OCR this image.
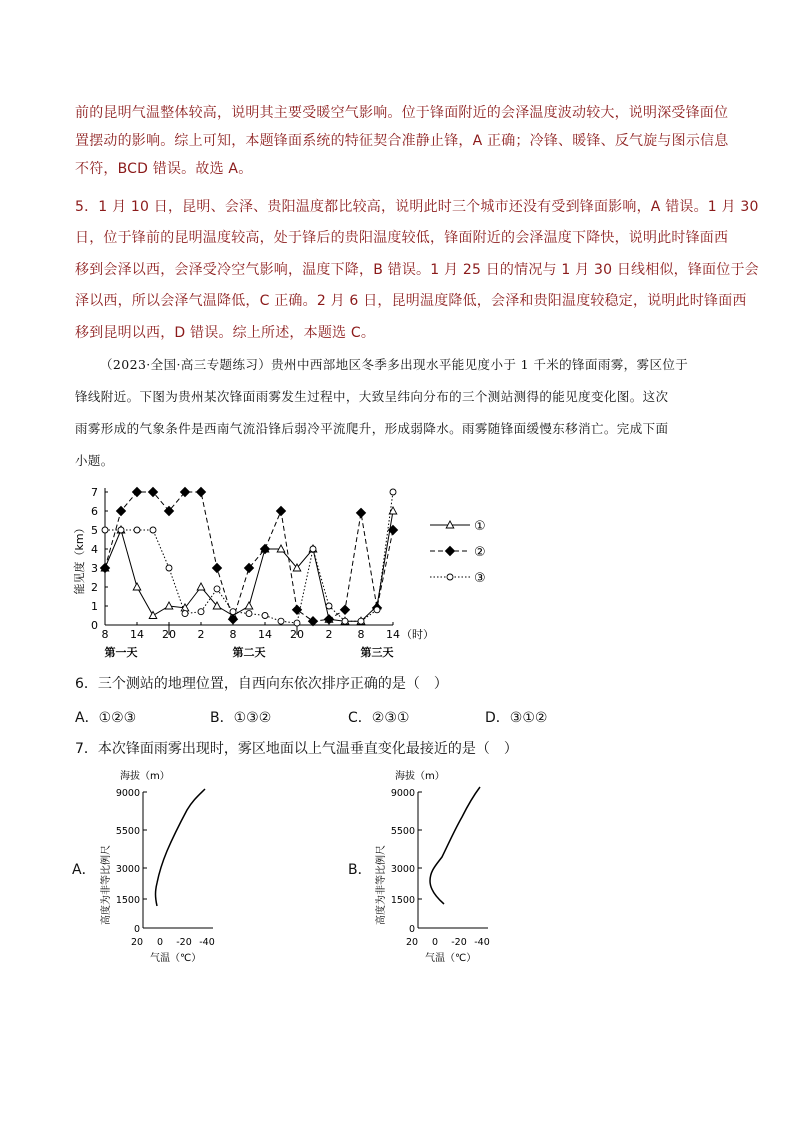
前的昆明气温整体较高，说明其主要受暖空气影响。位于锋面附近的会泽温度波动较大，说明深受锋面位
置摆动的影响。综上可知，本题锋面系统的特征契合准静止锋，A 正确；冷锋、暖锋、反气旋与图示信息
不符，BCD 错误。故选 A。
5．1 月 10 日，昆明、会泽、贵阳温度都比较高，说明此时三个城市还没有受到锋面影响，A 错误。1 月 30
日，位于锋前的昆明温度较高，处于锋后的贵阳温度较低，锋面附近的会泽温度下降快，说明此时锋面西
移到会泽以西，会泽受冷空气影响，温度下降，B 错误。1 月 25 日的情况与 1 月 30 日线相似，锋面位于会
泽以西，所以会泽气温降低，C 正确。2 月 6 日，昆明温度降低，会泽和贵阳温度较稳定，说明此时锋面西
移到昆明以西，D 错误。综上所述，本题选 C。
（2023·全国·高三专题练习）贵州中西部地区冬季多出现水平能见度小于 1 千米的锋面雨雾，雾区位于
锋线附近。下图为贵州某次锋面雨雾发生过程中，大致呈纬向分布的三个测站测得的能见度变化图。这次
雨雾形成的气象条件是西南气流沿锋后弱冷平流爬升，形成弱降水。雨雾随锋面缓慢东移消亡。完成下面
小题。
0
1
2
3
4
5
6
7
能见度（km）
8 14 20 2 8 14 20 2 8 14 （时）
第一天	第二天	第三天
①
②
③
6．三个测站的地理位置，自西向东依次排序正确的是（　）
A．①②③	B．①③②	C．②③①	D．③①②
7．本次锋面雨雾出现时，雾区地面以上气温垂直变化最接近的是（　）
A．
海拔（m）
高度为非等比例尺
9000
5500
3000
1500
0
20 0 -20 -40
气温（℃）
B．
海拔（m）
高度为非等比例尺
9000
5500
3000
1500
0
20 0 -20 -40
气温（℃）
